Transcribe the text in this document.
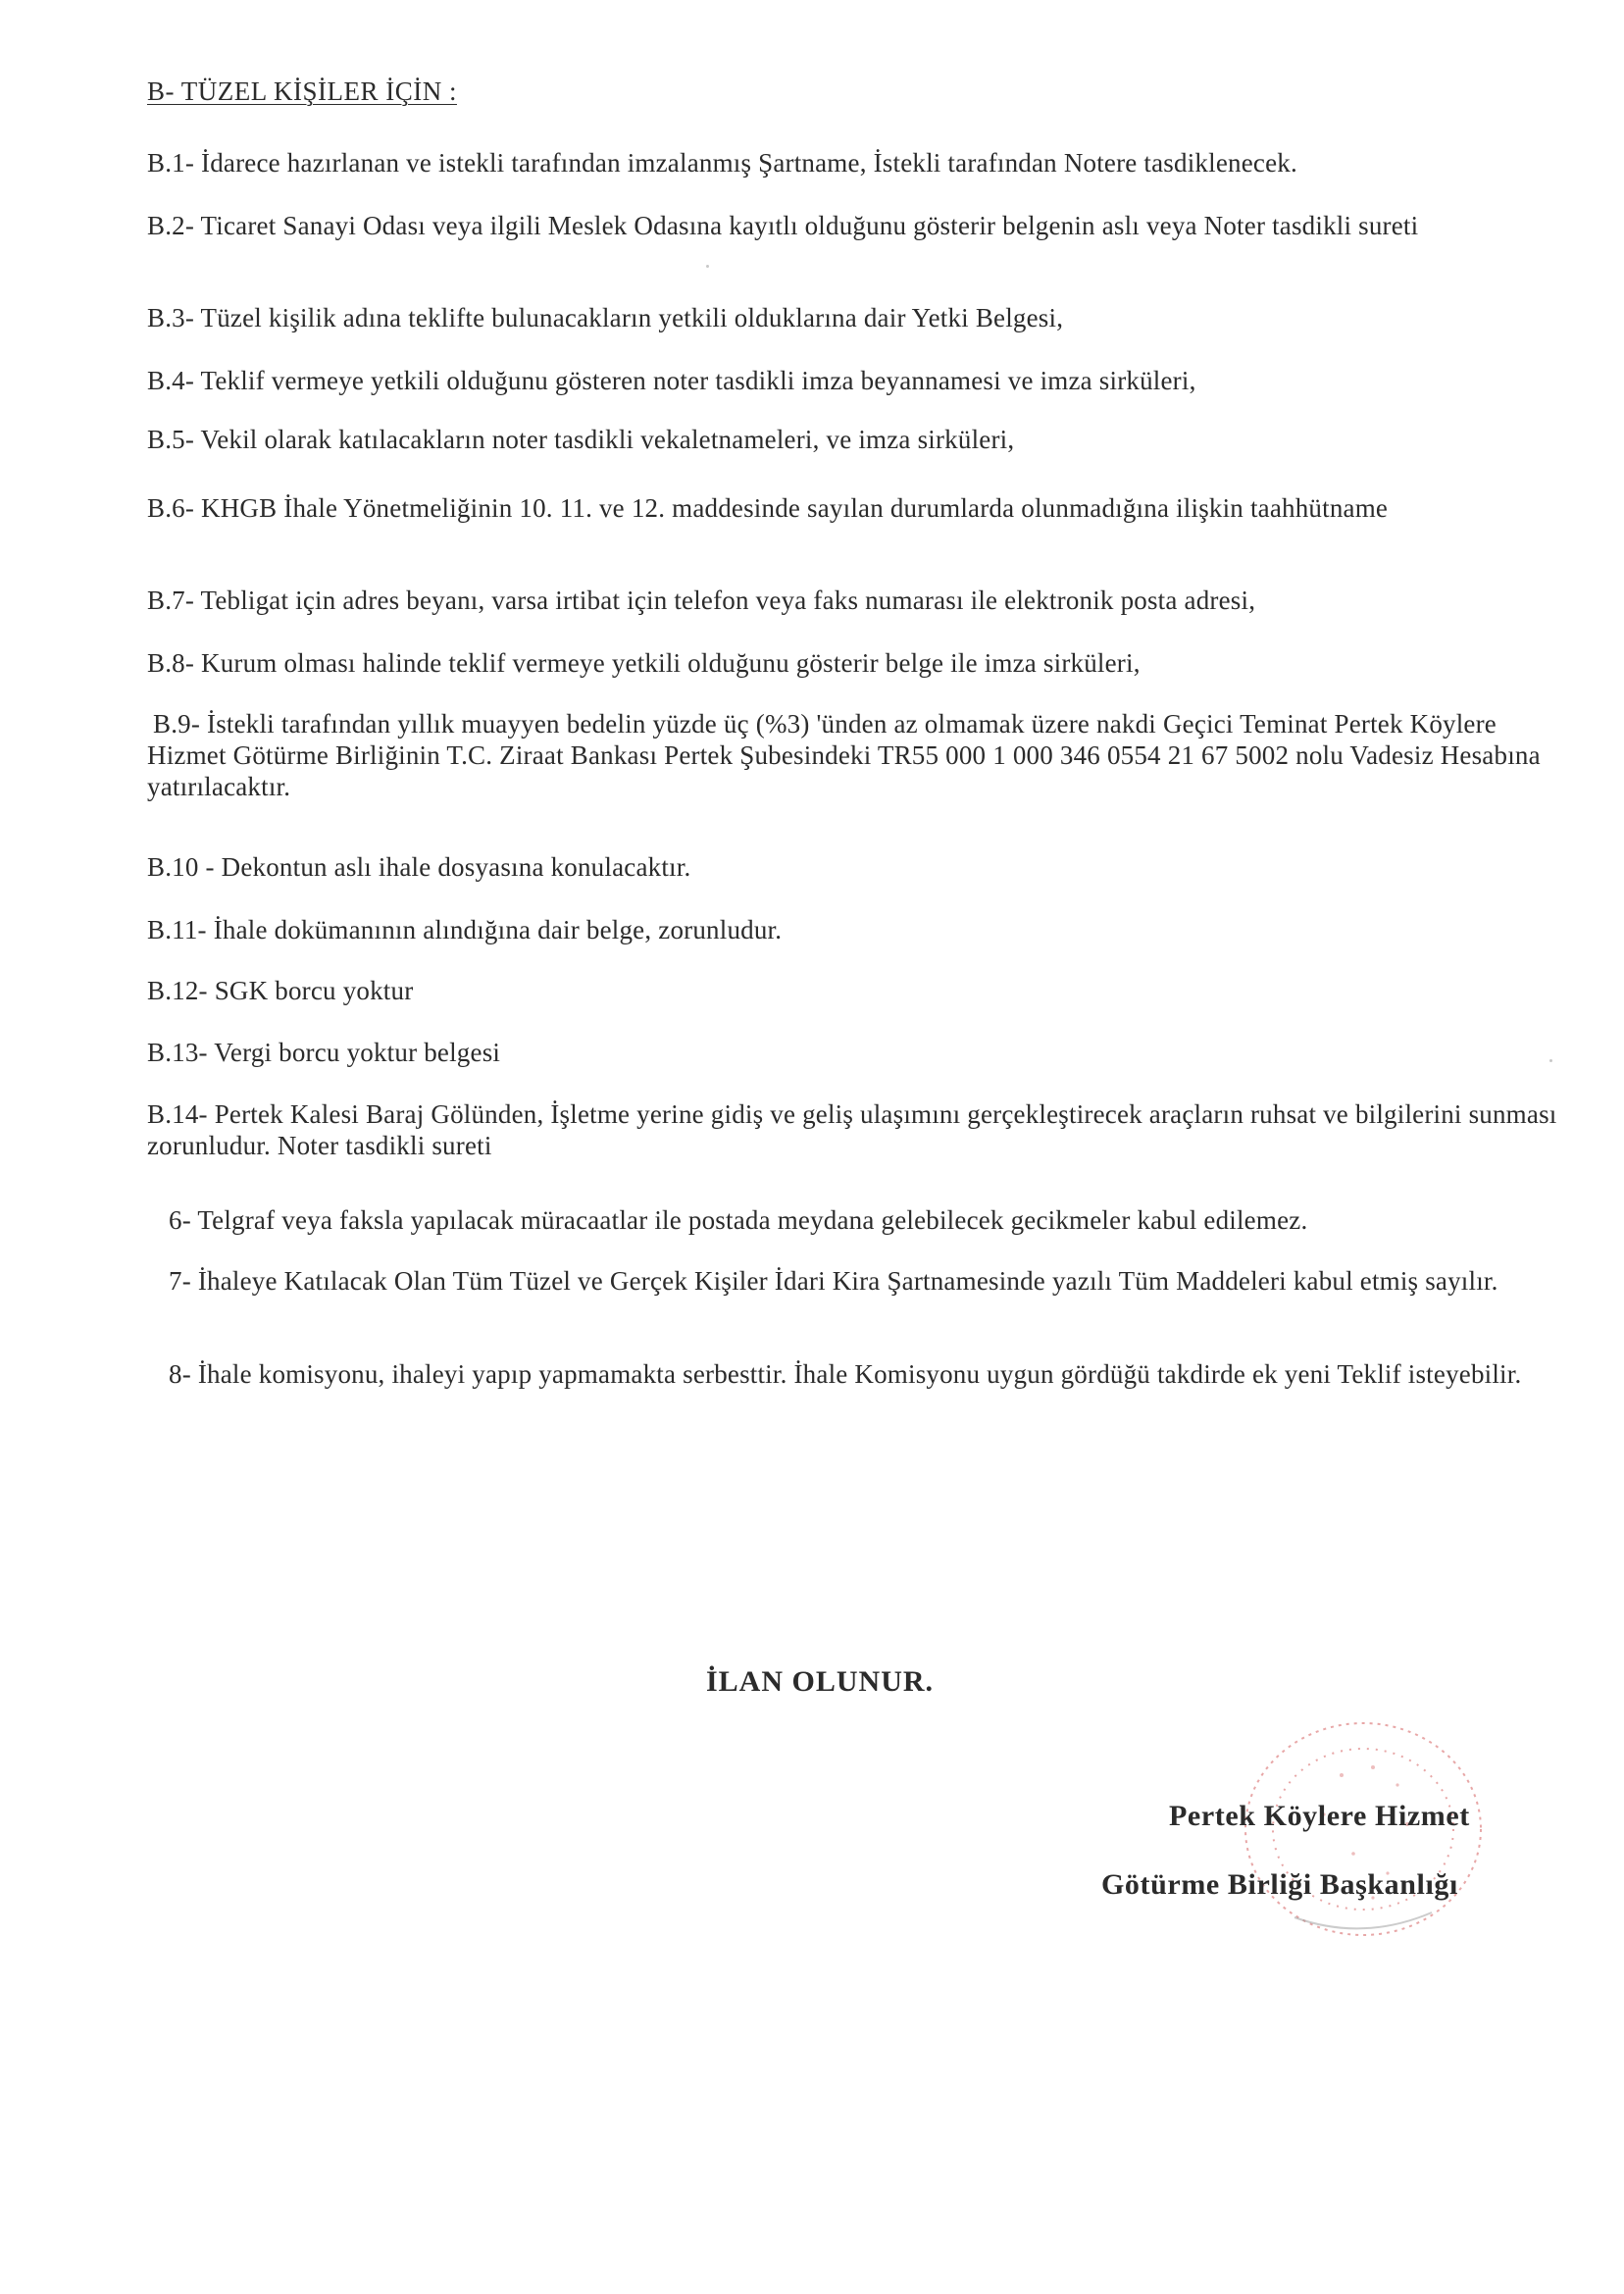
B- TÜZEL KİŞİLER İÇİN :
B.1- İdarece hazırlanan ve istekli tarafından imzalanmış Şartname, İstekli tarafından Notere tasdiklenecek.
B.2- Ticaret Sanayi Odası veya ilgili Meslek Odasına kayıtlı olduğunu gösterir belgenin aslı veya Noter tasdikli sureti
B.3- Tüzel kişilik adına teklifte bulunacakların yetkili olduklarına dair Yetki Belgesi,
B.4- Teklif vermeye yetkili olduğunu gösteren noter tasdikli imza beyannamesi ve imza sirküleri,
B.5- Vekil olarak katılacakların noter tasdikli vekaletnameleri, ve imza sirküleri,
B.6- KHGB İhale Yönetmeliğinin 10. 11. ve 12. maddesinde sayılan durumlarda olunmadığına ilişkin taahhütname
B.7- Tebligat için adres beyanı, varsa irtibat için telefon veya faks numarası ile elektronik posta adresi,
B.8- Kurum olması halinde teklif vermeye yetkili olduğunu gösterir belge ile imza sirküleri,
B.9- İstekli tarafından yıllık muayyen bedelin yüzde üç (%3) 'ünden az olmamak üzere nakdi Geçici Teminat Pertek Köylere Hizmet Götürme Birliğinin T.C. Ziraat Bankası Pertek Şubesindeki TR55 000 1 000 346 0554 21 67 5002 nolu Vadesiz Hesabına yatırılacaktır.
B.10 - Dekontun aslı ihale dosyasına konulacaktır.
B.11- İhale dokümanının alındığına dair belge, zorunludur.
B.12- SGK borcu yoktur
B.13- Vergi borcu yoktur belgesi
B.14- Pertek Kalesi Baraj Gölünden, İşletme yerine gidiş ve geliş ulaşımını gerçekleştirecek araçların ruhsat ve bilgilerini sunması zorunludur. Noter tasdikli sureti
6- Telgraf veya faksla yapılacak müracaatlar ile postada meydana gelebilecek gecikmeler kabul edilemez.
7- İhaleye Katılacak Olan Tüm Tüzel ve Gerçek Kişiler İdari Kira Şartnamesinde yazılı Tüm Maddeleri kabul etmiş sayılır.
8- İhale komisyonu, ihaleyi yapıp yapmamakta serbesttir. İhale Komisyonu uygun gördüğü takdirde ek yeni Teklif isteyebilir.
İLAN OLUNUR.
Pertek Köylere Hizmet
Götürme Birliği Başkanlığı
